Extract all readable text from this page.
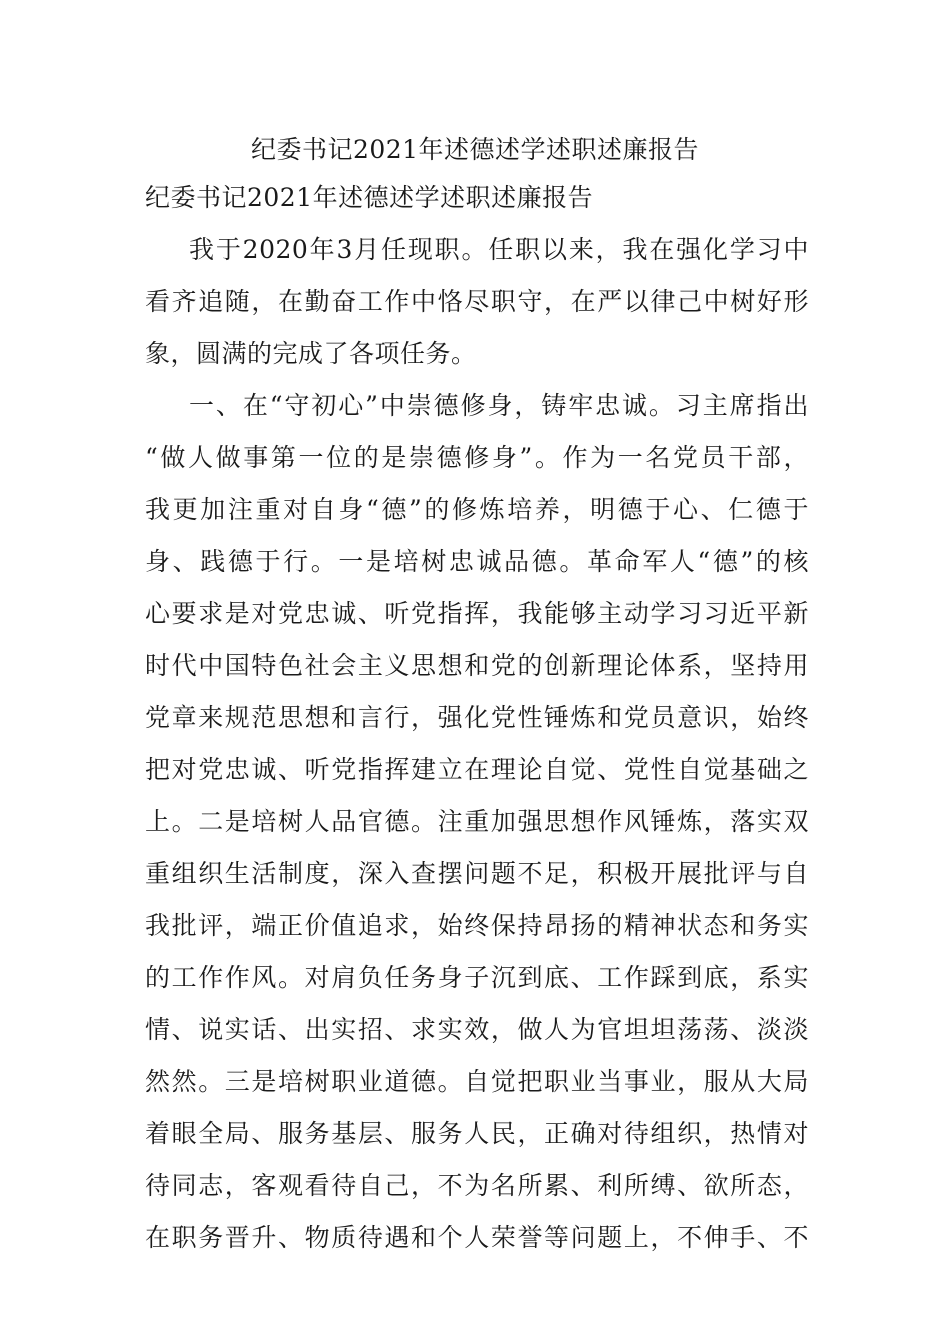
纪委书记2021年述德述学述职述廉报告
纪委书记2021年述德述学述职述廉报告
我于2020年3月任现职。任职以来，我在强化学习中
看齐追随，在勤奋工作中恪尽职守，在严以律己中树好形
象，圆满的完成了各项任务。
一、在“守初心”中崇德修身，铸牢忠诚。习主席指出
“做人做事第一位的是崇德修身”。作为一名党员干部，
我更加注重对自身“德”的修炼培养，明德于心、仁德于
身、践德于行。一是培树忠诚品德。革命军人“德”的核
心要求是对党忠诚、听党指挥，我能够主动学习习近平新
时代中国特色社会主义思想和党的创新理论体系，坚持用
党章来规范思想和言行，强化党性锤炼和党员意识，始终
把对党忠诚、听党指挥建立在理论自觉、党性自觉基础之
上。二是培树人品官德。注重加强思想作风锤炼，落实双
重组织生活制度，深入查摆问题不足，积极开展批评与自
我批评，端正价值追求，始终保持昂扬的精神状态和务实
的工作作风。对肩负任务身子沉到底、工作踩到底，系实
情、说实话、出实招、求实效，做人为官坦坦荡荡、淡淡
然然。三是培树职业道德。自觉把职业当事业，服从大局
着眼全局、服务基层、服务人民，正确对待组织，热情对
待同志，客观看待自己，不为名所累、利所缚、欲所态，
在职务晋升、物质待遇和个人荣誉等问题上，不伸手、不
